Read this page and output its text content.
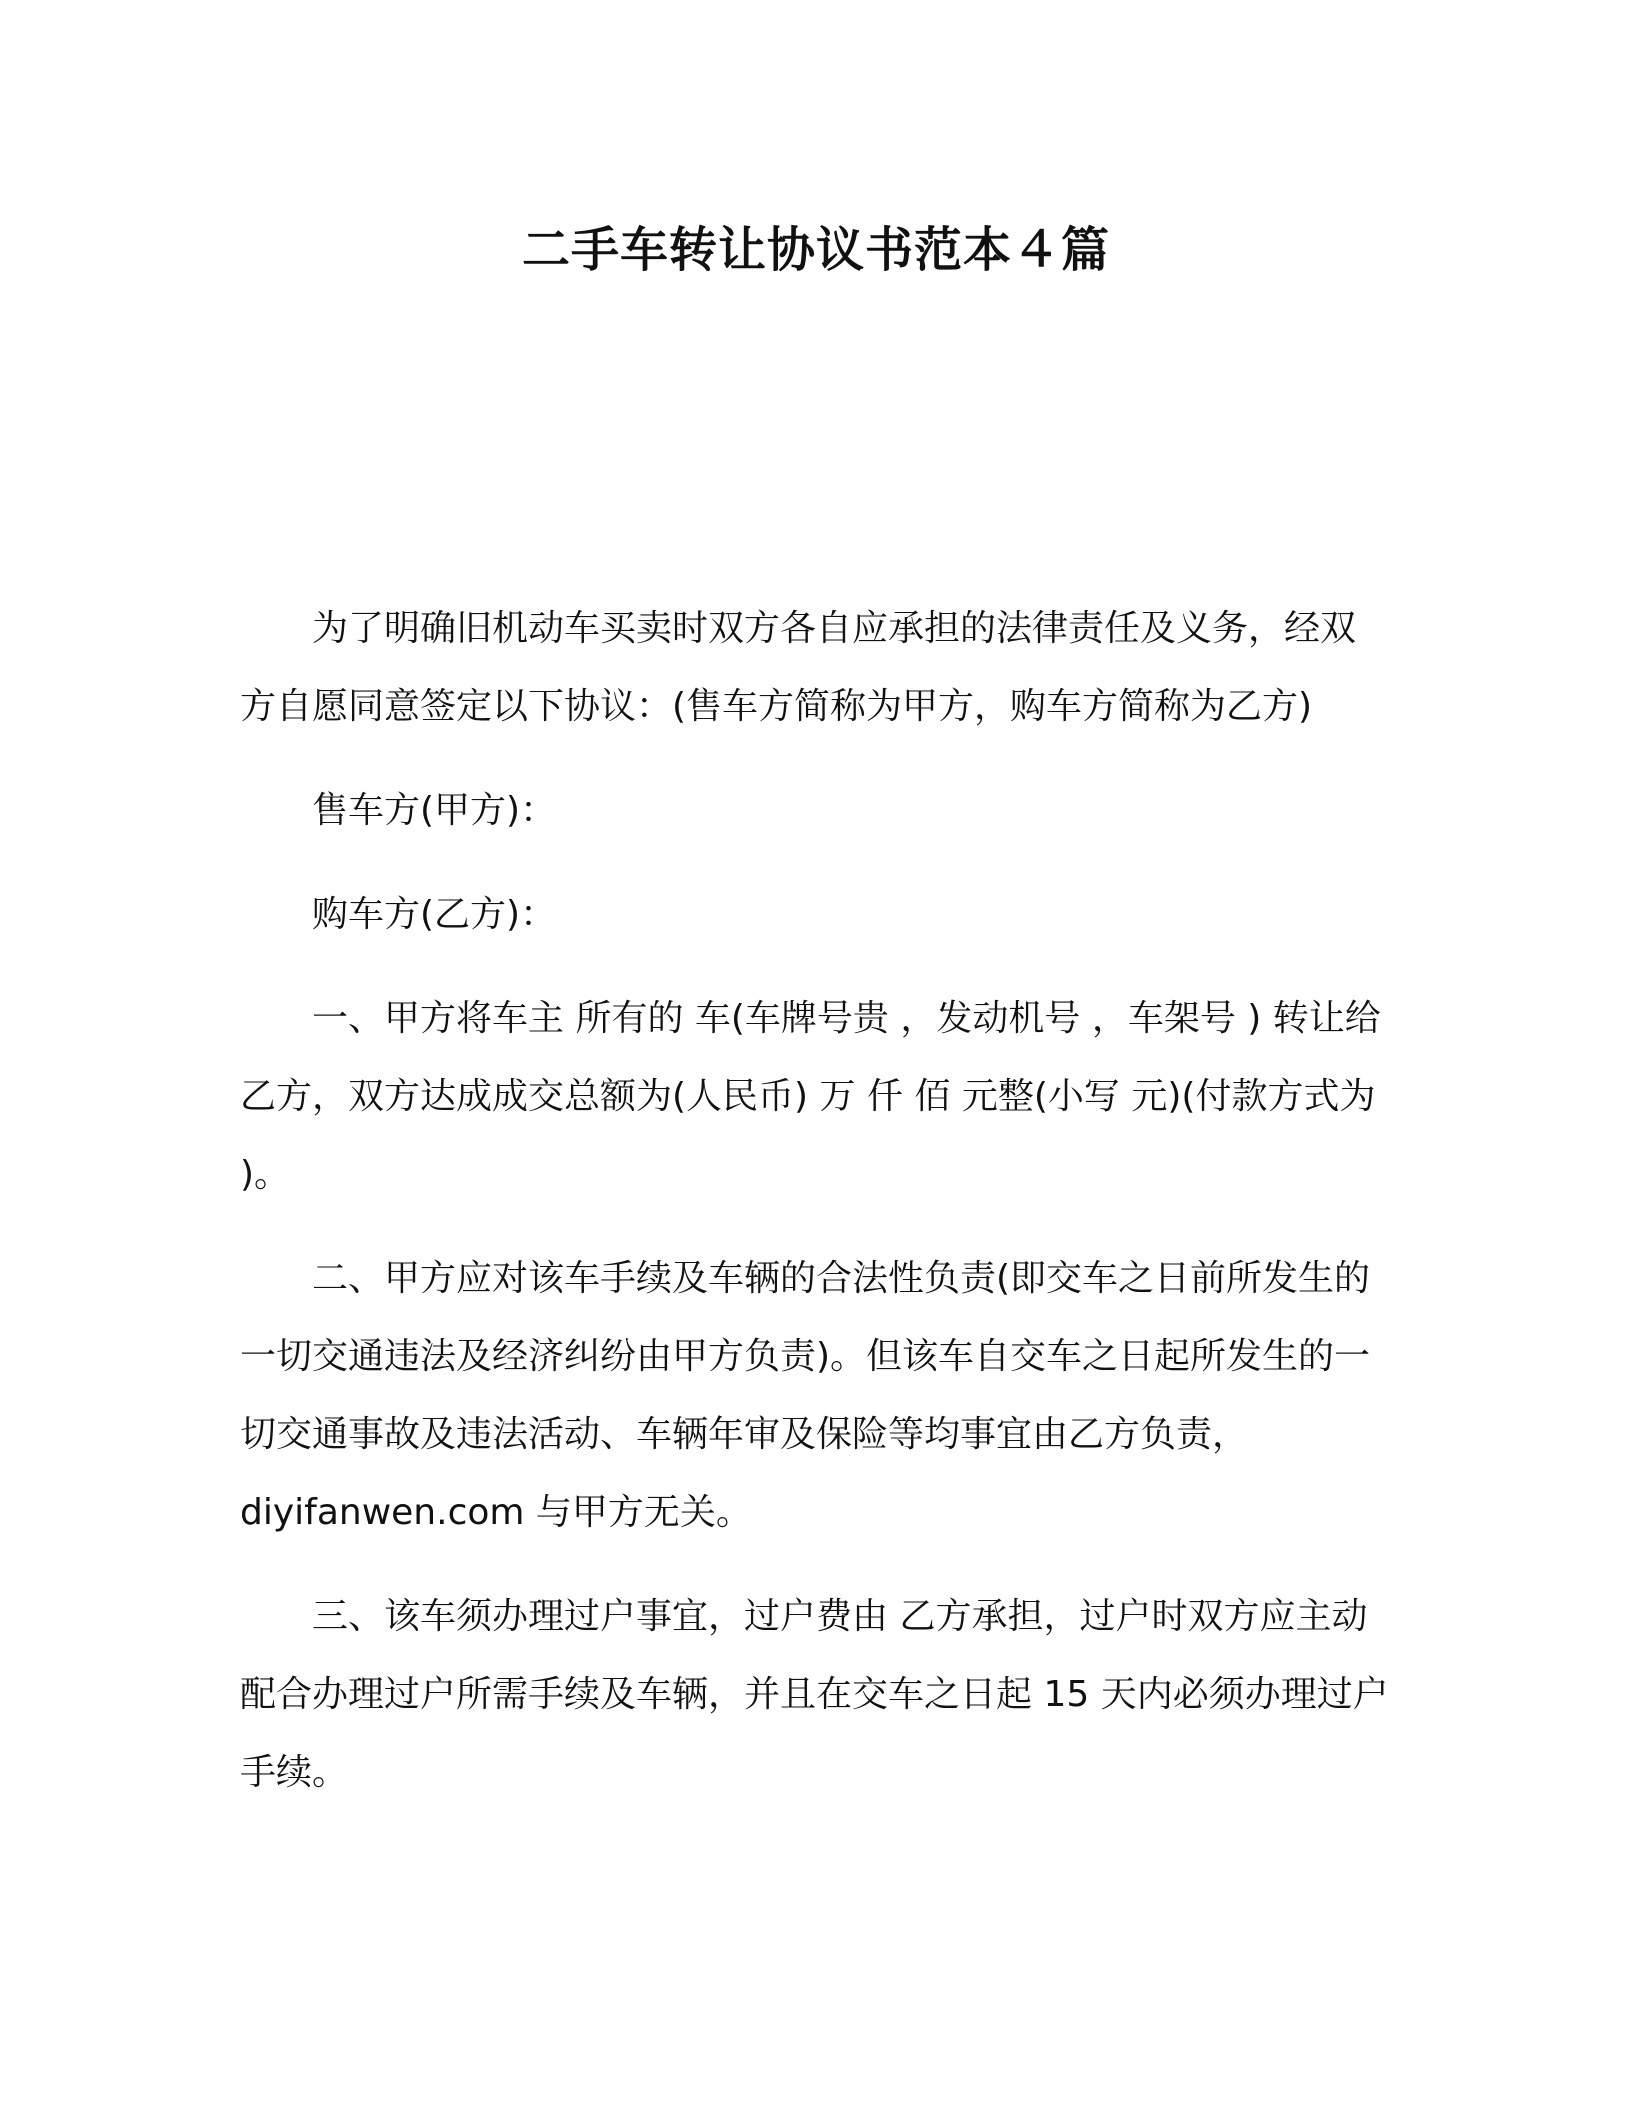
二手车转让协议书范本４篇

为了明确旧机动车买卖时双方各自应承担的法律责任及义务，经双方自愿同意签定以下协议：(售车方简称为甲方，购车方简称为乙方)

售车方(甲方)：

购车方(乙方)：

一、甲方将车主 所有的 车(车牌号贵 ，发动机号 ，车架号 ) 转让给乙方，双方达成成交总额为(人民币) 万 仟 佰 元整(小写 元)(付款方式为 )。

二、甲方应对该车手续及车辆的合法性负责(即交车之日前所发生的一切交通违法及经济纠纷由甲方负责)。但该车自交车之日起所发生的一切交通事故及违法活动、车辆年审及保险等均事宜由乙方负责，diyifanwen.com 与甲方无关。

三、该车须办理过户事宜，过户费由 乙方承担，过户时双方应主动配合办理过户所需手续及车辆，并且在交车之日起 15 天内必须办理过户手续。
